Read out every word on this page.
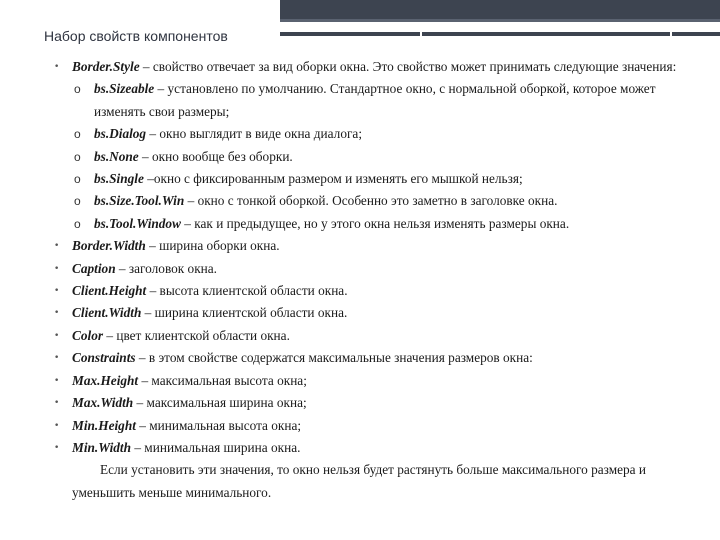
Набор свойств компонентов
• Border.Style – свойство отвечает за вид оборки окна. Это свойство может принимать следующие значения:
o bs.Sizeable – установлено по умолчанию. Стандартное окно, с нормальной оборкой, которое может изменять свои размеры;
o bs.Dialog – окно выглядит в виде окна диалога;
o bs.None – окно вообще без оборки.
o bs.Single –окно с фиксированным размером и изменять его мышкой нельзя;
o bs.Size.Tool.Win – окно с тонкой оборкой. Особенно это заметно в заголовке окна.
o bs.Tool.Window – как и предыдущее, но у этого окна нельзя изменять размеры окна.
• Border.Width – ширина оборки окна.
• Caption – заголовок окна.
• Client.Height – высота клиентской области окна.
• Client.Width – ширина клиентской области окна.
• Color – цвет клиентской области окна.
• Constraints – в этом свойстве содержатся максимальные значения размеров окна:
• Max.Height – максимальная высота окна;
• Max.Width – максимальная ширина окна;
• Min.Height – минимальная высота окна;
• Min.Width – минимальная ширина окна.
Если установить эти значения, то окно нельзя будет растянуть больше максимального размера и уменьшить меньше минимального.
